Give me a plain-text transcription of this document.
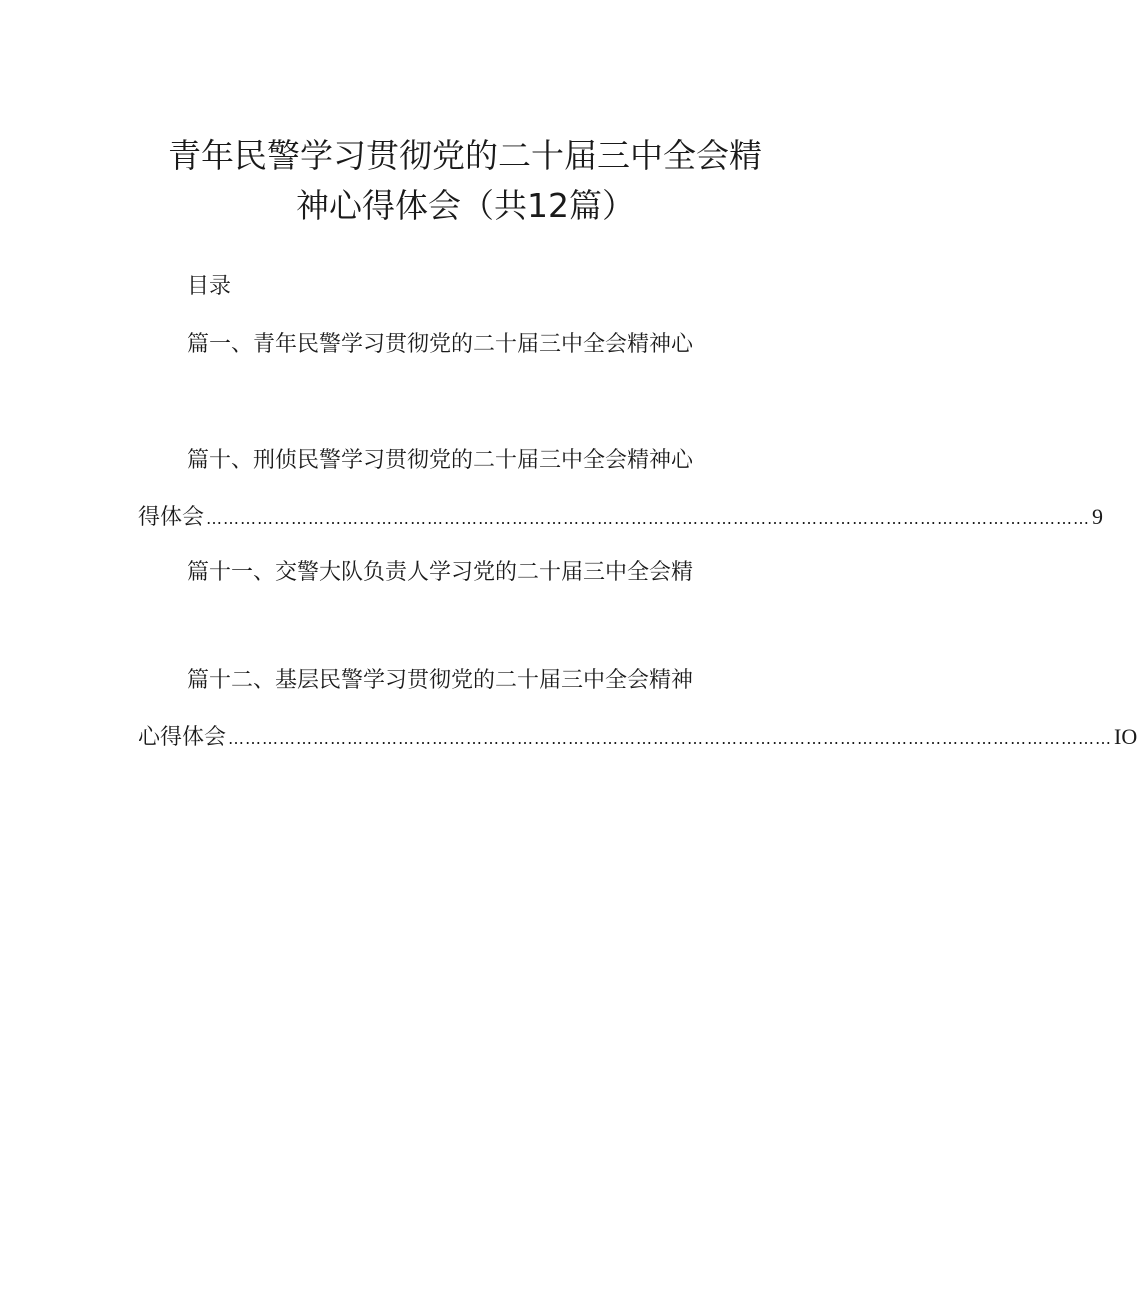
青年民警学习贯彻党的二十届三中全会精
神心得体会（共12篇）
目录
篇一、青年民警学习贯彻党的二十届三中全会精神心
篇十、刑侦民警学习贯彻党的二十届三中全会精神心
得体会 ………………………………………………………………………………………………………………………………………… 9
篇十一、交警大队负责人学习党的二十届三中全会精
篇十二、基层民警学习贯彻党的二十届三中全会精神
心得体会 ………………………………………………………………………………………………………………………………………… IO
